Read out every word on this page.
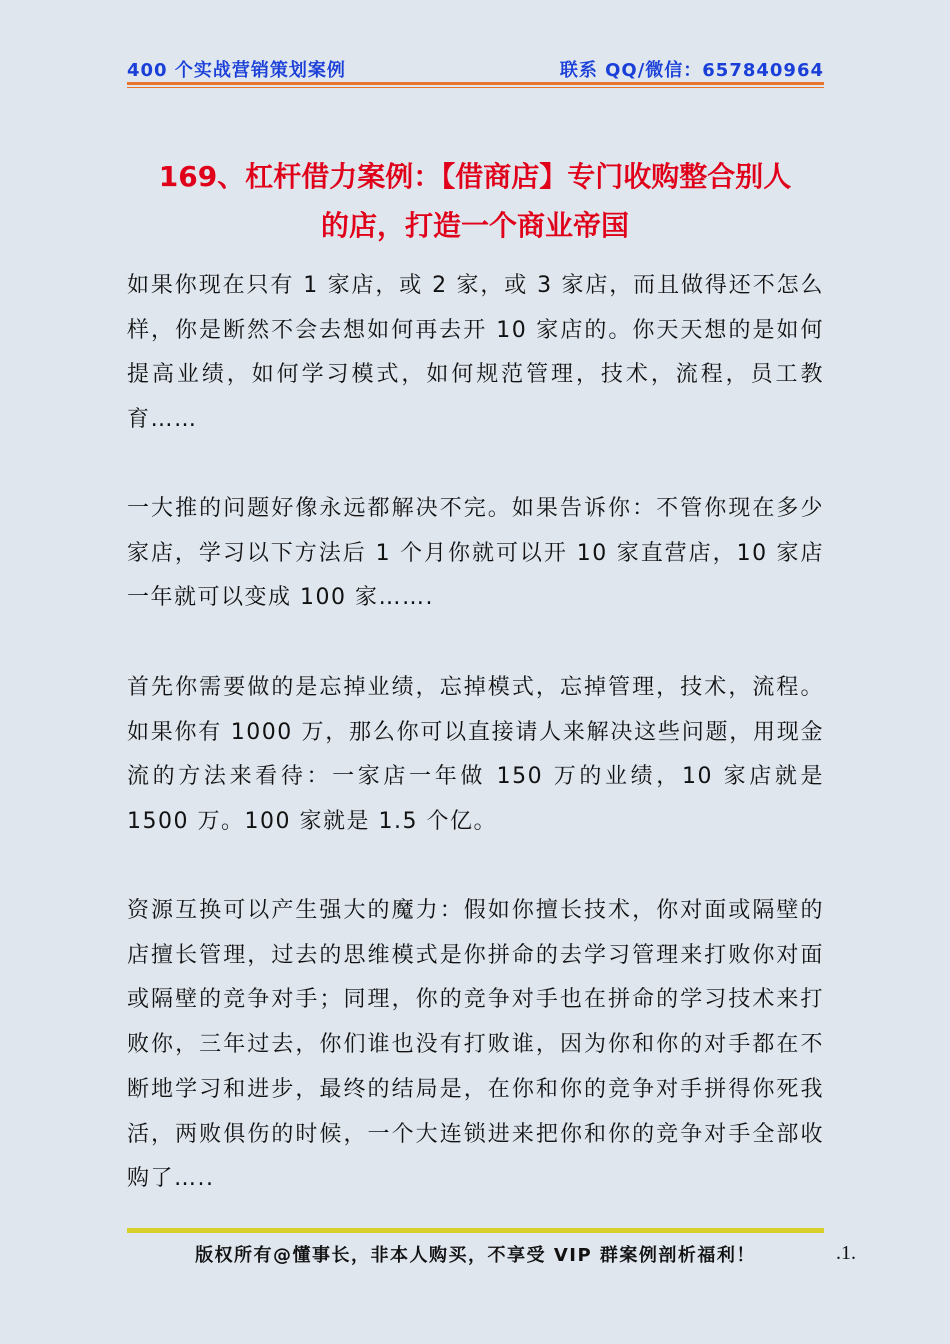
400 个实战营销策划案例	联系 QQ/微信：657840964
169、杠杆借力案例：【借商店】专门收购整合别人
的店，打造一个商业帝国

如果你现在只有 1 家店，或 2 家，或 3 家店，而且做得还不怎么样，你是断然不会去想如何再去开 10 家店的。你天天想的是如何提高业绩，如何学习模式，如何规范管理，技术，流程，员工教育……

一大推的问题好像永远都解决不完。如果告诉你：不管你现在多少家店，学习以下方法后 1 个月你就可以开 10 家直营店，10 家店一年就可以变成 100 家…….

首先你需要做的是忘掉业绩，忘掉模式，忘掉管理，技术，流程。如果你有 1000 万，那么你可以直接请人来解决这些问题，用现金流的方法来看待：一家店一年做 150 万的业绩，10 家店就是 1500 万。100 家就是 1.5 个亿。

资源互换可以产生强大的魔力：假如你擅长技术，你对面或隔壁的店擅长管理，过去的思维模式是你拼命的去学习管理来打败你对面或隔壁的竞争对手；同理，你的竞争对手也在拼命的学习技术来打败你，三年过去，你们谁也没有打败谁，因为你和你的对手都在不断地学习和进步，最终的结局是，在你和你的竞争对手拼得你死我活，两败俱伤的时候，一个大连锁进来把你和你的竞争对手全部收购了…..

版权所有@懂事长，非本人购买，不享受 VIP 群案例剖析福利！	.1.
